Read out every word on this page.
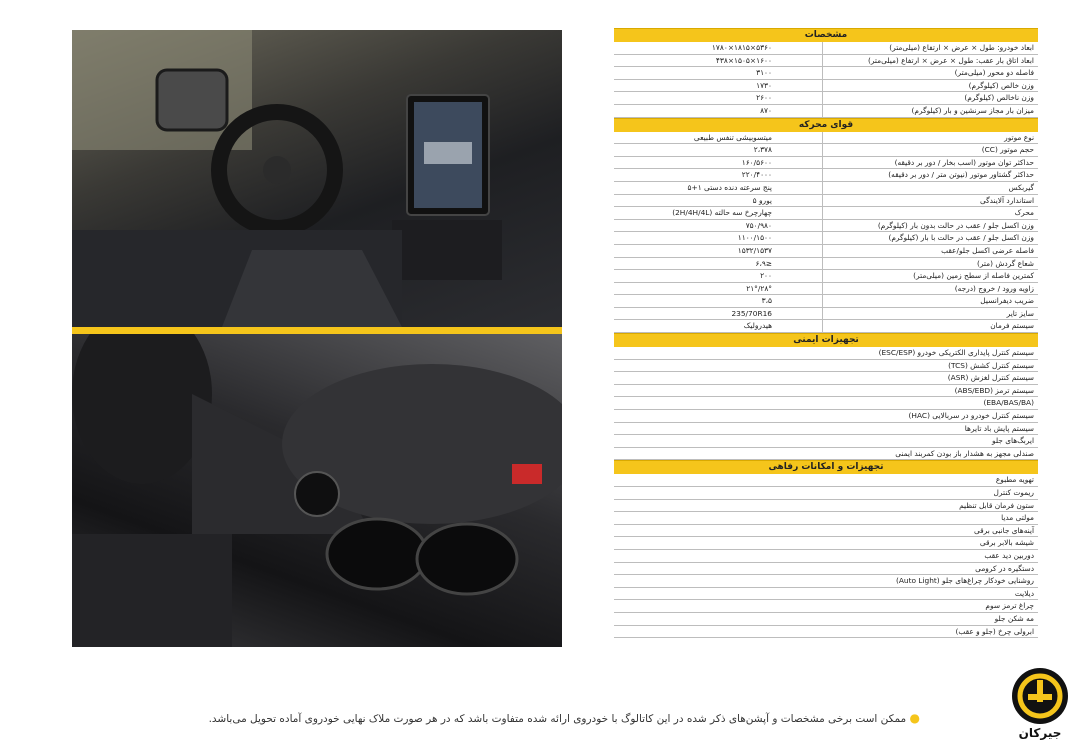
مشخصات
ابعاد خودرو: طول × عرض × ارتفاع (میلی‌متر)
۵۳۶۰×۱۸۱۵×۱۷۸۰
ابعاد اتاق بار عقب: طول × عرض × ارتفاع (میلی‌متر)
۱۶۰۰×۱۵۰۵×۴۳۸
فاصله دو محور (میلی‌متر)
۳۱۰۰
وزن خالص (کیلوگرم)
۱۷۳۰
وزن ناخالص (کیلوگرم)
۲۶۰۰
میزان بار مجاز سرنشین و بار (کیلوگرم)
۸۷۰
قوای محرکه
نوع موتور
میتسوبیشی تنفس طبیعی
حجم موتور (CC)
۲،۳۷۸
حداکثر توان موتور (اسب بخار / دور بر دقیقه)
۱۶۰/۵۶۰۰
حداکثر گشتاور موتور (نیوتن متر / دور بر دقیقه)
۲۲۰/۴۰۰۰
گیربکس
پنج سرعته دنده دستی ۱+۵
استاندارد آلایندگی
یورو ۵
محرک
چهارچرخ سه حالته (2H/4H/4L)
وزن اکسل جلو / عقب در حالت بدون بار (کیلوگرم)
۷۵۰/۹۸۰
وزن اکسل جلو / عقب در حالت با بار (کیلوگرم)
۱۱۰۰/۱۵۰۰
فاصله عرضی اکسل جلو/عقب
۱۵۳۲/۱۵۳۷
شعاع گردش (متر)
≤۶،۹
کمترین فاصله از سطح زمین (میلی‌متر)
۲۰۰
زاویه ورود / خروج (درجه)
۲۸°/۲۱°
ضریب دیفرانسیل
۳،۵
سایز تایر
235/70R16
سیستم فرمان
هیدرولیک
تجهیزات ایمنی
سیستم کنترل پایداری الکتریکی خودرو (ESC/ESP)
سیستم کنترل کشش (TCS)
سیستم کنترل لغزش (ASR)
سیستم ترمز (ABS/EBD)
(EBA/BAS/BA)
سیستم کنترل خودرو در سربالایی (HAC)
سیستم پایش باد تایرها
ایربگ‌های جلو
صندلی مجهز به هشدار باز بودن کمربند ایمنی
تجهیزات و امکانات رفاهی
تهویه مطبوع
ریموت کنترل
ستون فرمان قابل تنظیم
مولتی مدیا
آینه‌های جانبی برقی
شیشه بالابر برقی
دوربین دید عقب
دستگیره در کرومی
روشنایی خودکار چراغ‌های جلو (Auto Light)
دیلایت
چراغ ترمز سوم
مه شکن جلو
ابرولی چرخ (جلو و عقب)
● ممکن است برخی مشخصات و آپشن‌های ذکر شده در این کاتالوگ با خودروی ارائه شده متفاوت باشد که در هر صورت ملاک نهایی خودروی آماده تحویل می‌باشد.
جیرکان
